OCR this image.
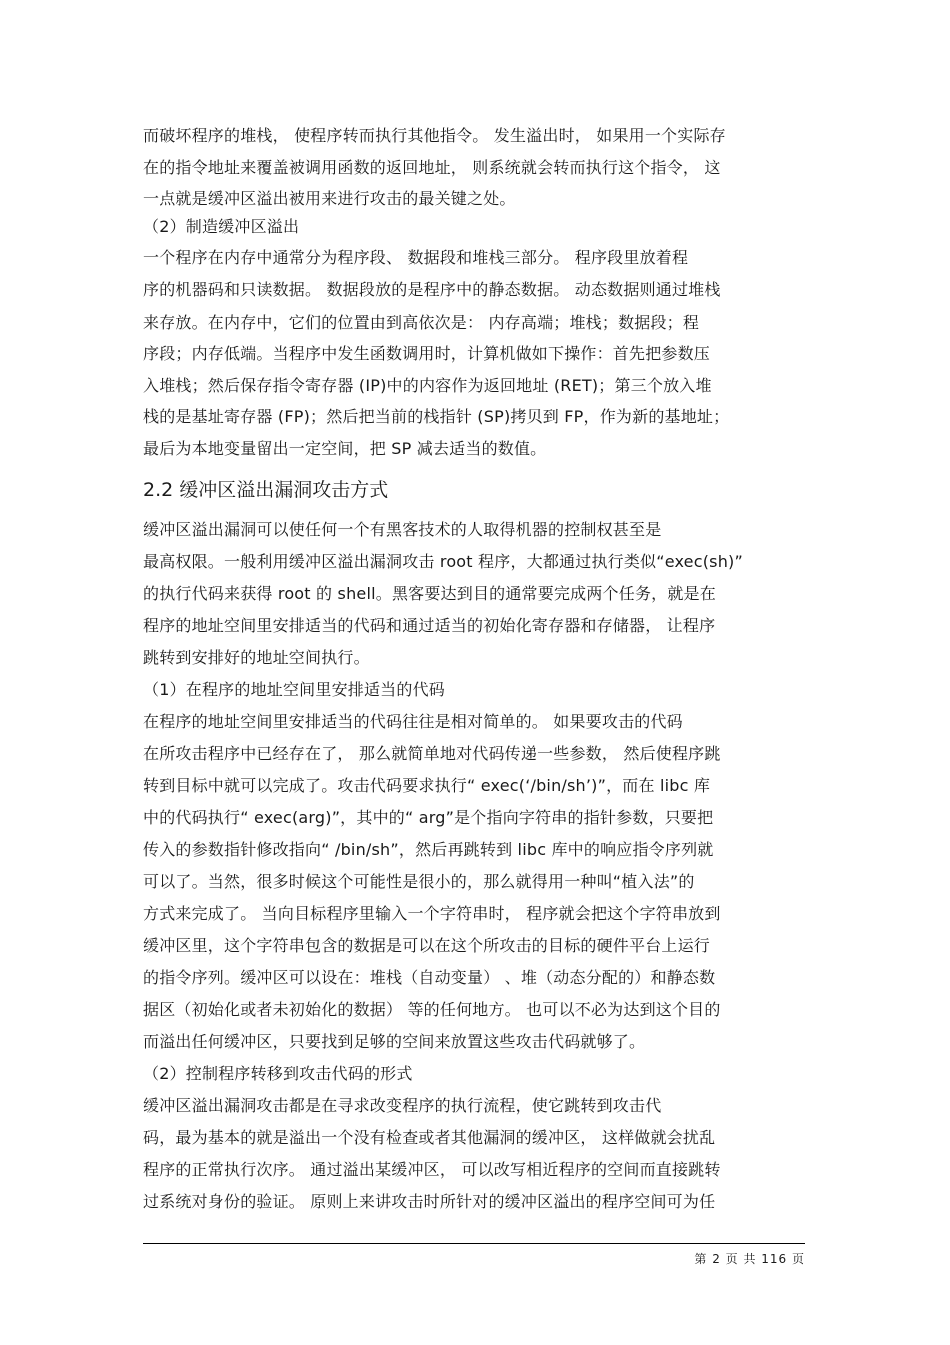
而破坏程序的堆栈， 使程序转而执行其他指令。 发生溢出时， 如果用一个实际存
在的指令地址来覆盖被调用函数的返回地址， 则系统就会转而执行这个指令， 这
一点就是缓冲区溢出被用来进行攻击的最关键之处。
（2）制造缓冲区溢出
一个程序在内存中通常分为程序段、 数据段和堆栈三部分。 程序段里放着程
序的机器码和只读数据。 数据段放的是程序中的静态数据。 动态数据则通过堆栈
来存放。在内存中，它们的位置由到高依次是： 内存高端；堆栈；数据段；程
序段；内存低端。当程序中发生函数调用时，计算机做如下操作：首先把参数压
入堆栈；然后保存指令寄存器 (IP)中的内容作为返回地址 (RET)；第三个放入堆
栈的是基址寄存器 (FP)；然后把当前的栈指针 (SP)拷贝到 FP，作为新的基地址；
最后为本地变量留出一定空间，把 SP 减去适当的数值。
2.2 缓冲区溢出漏洞攻击方式
缓冲区溢出漏洞可以使任何一个有黑客技术的人取得机器的控制权甚至是
最高权限。一般利用缓冲区溢出漏洞攻击 root 程序，大都通过执行类似“exec(sh)”
的执行代码来获得 root 的 shell。黑客要达到目的通常要完成两个任务，就是在
程序的地址空间里安排适当的代码和通过适当的初始化寄存器和存储器， 让程序
跳转到安排好的地址空间执行。
（1）在程序的地址空间里安排适当的代码
在程序的地址空间里安排适当的代码往往是相对简单的。 如果要攻击的代码
在所攻击程序中已经存在了， 那么就简单地对代码传递一些参数， 然后使程序跳
转到目标中就可以完成了。攻击代码要求执行“ exec(‘/bin/sh’)”，而在 libc 库
中的代码执行“ exec(arg)”，其中的“ arg”是个指向字符串的指针参数，只要把
传入的参数指针修改指向“ /bin/sh”，然后再跳转到 libc 库中的响应指令序列就
可以了。当然，很多时候这个可能性是很小的，那么就得用一种叫“植入法”的
方式来完成了。 当向目标程序里输入一个字符串时， 程序就会把这个字符串放到
缓冲区里，这个字符串包含的数据是可以在这个所攻击的目标的硬件平台上运行
的指令序列。缓冲区可以设在：堆栈（自动变量） 、堆（动态分配的）和静态数
据区（初始化或者未初始化的数据） 等的任何地方。 也可以不必为达到这个目的
而溢出任何缓冲区，只要找到足够的空间来放置这些攻击代码就够了。
（2）控制程序转移到攻击代码的形式
缓冲区溢出漏洞攻击都是在寻求改变程序的执行流程，使它跳转到攻击代
码，最为基本的就是溢出一个没有检查或者其他漏洞的缓冲区， 这样做就会扰乱
程序的正常执行次序。 通过溢出某缓冲区， 可以改写相近程序的空间而直接跳转
过系统对身份的验证。 原则上来讲攻击时所针对的缓冲区溢出的程序空间可为任
第 2 页 共 116 页
